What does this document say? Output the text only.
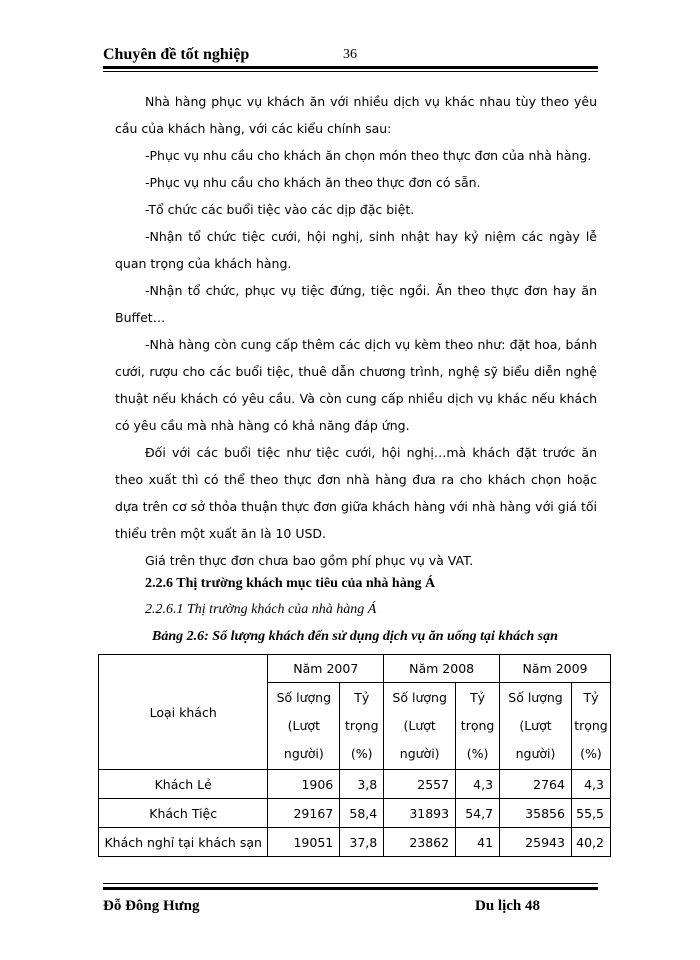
Chuyên đề tốt nghiệp	36

Nhà hàng phục vụ khách ăn với nhiều dịch vụ khác nhau tùy theo yêu cầu của khách hàng, với các kiểu chính sau:

-Phục vụ nhu cầu cho khách ăn chọn món theo thực đơn của nhà hàng.

-Phục vụ nhu cầu cho khách ăn theo thực đơn có sẵn.

-Tổ chức các buổi tiệc vào các dịp đặc biệt.

-Nhận tổ chức tiệc cưới, hội nghị, sinh nhật hay kỷ niệm các ngày lễ quan trọng của khách hàng.

-Nhận tổ chức, phục vụ tiệc đứng, tiệc ngồi. Ăn theo thực đơn hay ăn Buffet…

-Nhà hàng còn cung cấp thêm các dịch vụ kèm theo như: đặt hoa, bánh cưới, rượu cho các buổi tiệc, thuê dẫn chương trình, nghệ sỹ biểu diễn nghệ thuật nếu khách có yêu cầu. Và còn cung cấp nhiều dịch vụ khác nếu khách có yêu cầu mà nhà hàng có khả năng đáp ứng.

Đối với các buổi tiệc như tiệc cưới, hội nghị…mà khách đặt trước ăn theo xuất thì có thể theo thực đơn nhà hàng đưa ra cho khách chọn hoặc dựa trên cơ sở thỏa thuận thực đơn giữa khách hàng với nhà hàng với giá tối thiểu trên một xuất ăn là 10 USD.

Giá trên thực đơn chưa bao gồm phí phục vụ và VAT.

2.2.6 Thị trường khách mục tiêu của nhà hàng Á
2.2.6.1 Thị trường khách của nhà hàng Á
Bảng 2.6: Số lượng khách đến sử dụng dịch vụ ăn uống tại khách sạn
Loại khách	Năm 2007		Năm 2008		Năm 2009	
	Số lượng (Lượt người)	Tỷ trọng (%)	Số lượng (Lượt người)	Tỷ trọng (%)	Số lượng (Lượt người)	Tỷ trọng (%)
Khách Lẻ	1906	3,8	2557	4,3	2764	4,3
Khách Tiệc	29167	58,4	31893	54,7	35856	55,5
Khách nghỉ tại khách sạn	19051	37,8	23862	41	25943	40,2
Đỗ Đông Hưng	Du lịch 48
